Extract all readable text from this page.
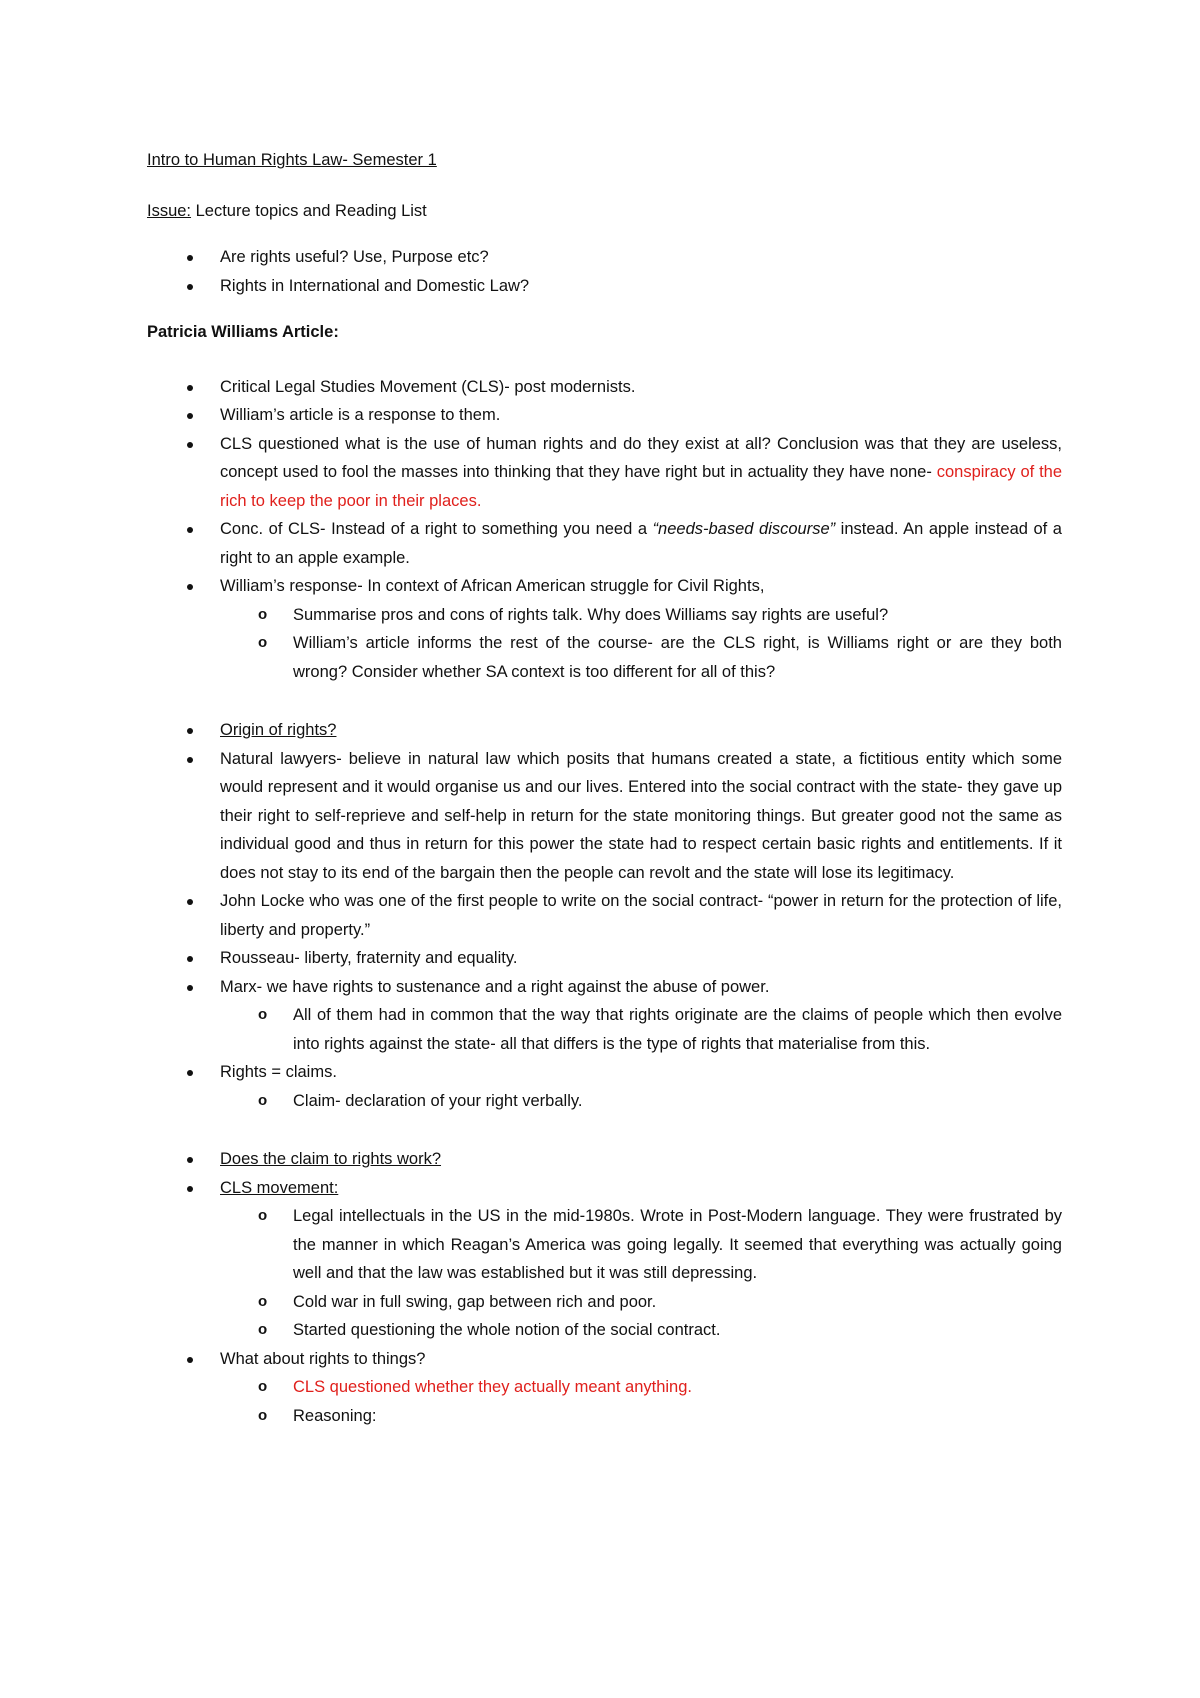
Intro to Human Rights Law- Semester 1

Issue: Lecture topics and Reading List

Are rights useful? Use, Purpose etc?
Rights in International and Domestic Law?

Patricia Williams Article:

Critical Legal Studies Movement (CLS)- post modernists.
William’s article is a response to them.
CLS questioned what is the use of human rights and do they exist at all? Conclusion was that they are useless, concept used to fool the masses into thinking that they have right but in actuality they have none- conspiracy of the rich to keep the poor in their places.
Conc. of CLS- Instead of a right to something you need a “needs-based discourse” instead. An apple instead of a right to an apple example.
William’s response- In context of African American struggle for Civil Rights,
o Summarise pros and cons of rights talk. Why does Williams say rights are useful?
o William’s article informs the rest of the course- are the CLS right, is Williams right or are they both wrong? Consider whether SA context is too different for all of this?
Origin of rights?
Natural lawyers- believe in natural law which posits that humans created a state, a fictitious entity which some would represent and it would organise us and our lives. Entered into the social contract with the state- they gave up their right to self-reprieve and self-help in return for the state monitoring things. But greater good not the same as individual good and thus in return for this power the state had to respect certain basic rights and entitlements. If it does not stay to its end of the bargain then the people can revolt and the state will lose its legitimacy.
John Locke who was one of the first people to write on the social contract- “power in return for the protection of life, liberty and property.”
Rousseau- liberty, fraternity and equality.
Marx- we have rights to sustenance and a right against the abuse of power.
o All of them had in common that the way that rights originate are the claims of people which then evolve into rights against the state- all that differs is the type of rights that materialise from this.
Rights = claims.
o Claim- declaration of your right verbally.
Does the claim to rights work?
CLS movement:
o Legal intellectuals in the US in the mid-1980s. Wrote in Post-Modern language. They were frustrated by the manner in which Reagan’s America was going legally. It seemed that everything was actually going well and that the law was established but it was still depressing.
o Cold war in full swing, gap between rich and poor.
o Started questioning the whole notion of the social contract.
What about rights to things?
o CLS questioned whether they actually meant anything.
o Reasoning:
